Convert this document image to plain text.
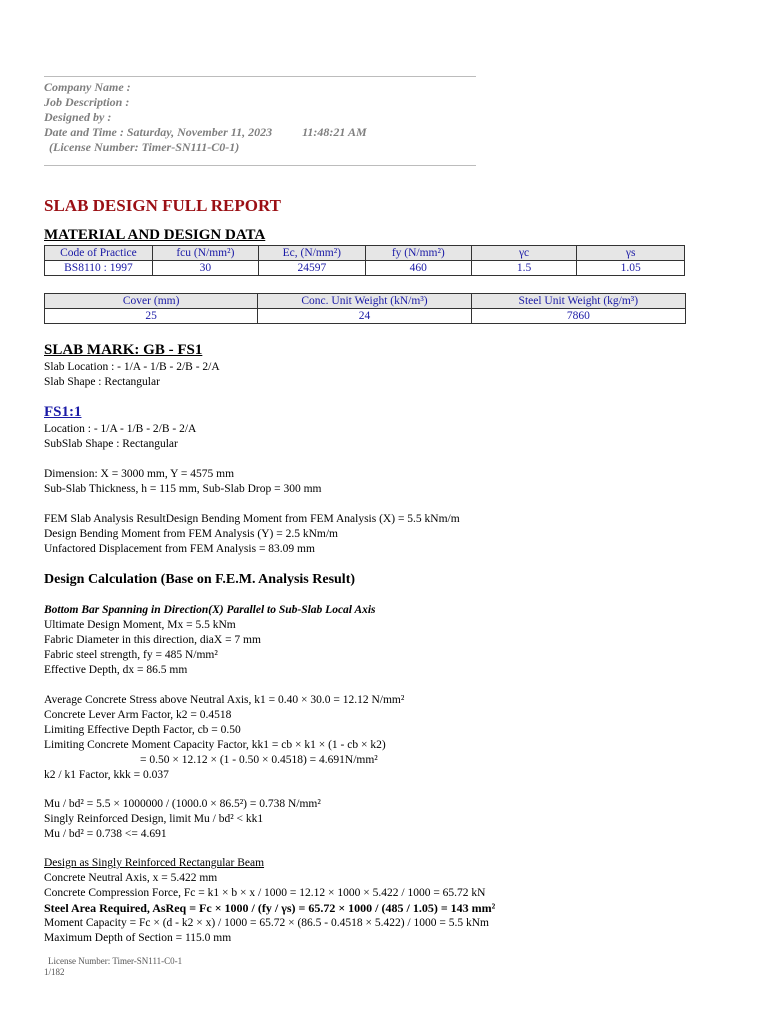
Company Name :
Job Description :
Designed by :
Date and Time : Saturday, November 11, 2023	11:48:21 AM
(License Number: Timer-SN111-C0-1)
SLAB DESIGN FULL REPORT
MATERIAL AND DESIGN DATA
Code of Practice	fcu (N/mm²)	Ec, (N/mm²)	fy (N/mm²)	γc	γs
BS8110 : 1997	30	24597	460	1.5	1.05
Cover (mm)	Conc. Unit Weight (kN/m³)	Steel Unit Weight (kg/m³)
25	24	7860
SLAB MARK: GB - FS1
Slab Location : - 1/A - 1/B - 2/B - 2/A
Slab Shape : Rectangular
FS1:1
Location : - 1/A - 1/B - 2/B - 2/A
SubSlab Shape : Rectangular
Dimension: X = 3000 mm, Y = 4575 mm
Sub-Slab Thickness, h = 115 mm, Sub-Slab Drop = 300 mm
FEM Slab Analysis ResultDesign Bending Moment from FEM Analysis (X) = 5.5 kNm/m
Design Bending Moment from FEM Analysis (Y) = 2.5 kNm/m
Unfactored Displacement from FEM Analysis = 83.09 mm
Design Calculation (Base on F.E.M. Analysis Result)
Bottom Bar Spanning in Direction(X) Parallel to Sub-Slab Local Axis
Ultimate Design Moment, Mx = 5.5 kNm
Fabric Diameter in this direction, diaX = 7 mm
Fabric steel strength, fy = 485 N/mm²
Effective Depth, dx = 86.5 mm
Average Concrete Stress above Neutral Axis, k1 = 0.40 × 30.0 = 12.12 N/mm²
Concrete Lever Arm Factor, k2 = 0.4518
Limiting Effective Depth Factor, cb = 0.50
Limiting Concrete Moment Capacity Factor, kk1 = cb × k1 × (1 - cb × k2)
= 0.50 × 12.12 × (1 - 0.50 × 0.4518) = 4.691N/mm²
k2 / k1 Factor, kkk = 0.037
Mu / bd² = 5.5 × 1000000 / (1000.0 × 86.5²) = 0.738 N/mm²
Singly Reinforced Design, limit Mu / bd² < kk1
Mu / bd² = 0.738 <= 4.691
Design as Singly Reinforced Rectangular Beam
Concrete Neutral Axis, x = 5.422 mm
Concrete Compression Force, Fc = k1 × b × x / 1000 = 12.12 × 1000 × 5.422 / 1000 = 65.72 kN
Steel Area Required, AsReq = Fc × 1000 / (fy / γs) = 65.72 × 1000 / (485 / 1.05) = 143 mm²
Moment Capacity = Fc × (d - k2 × x) / 1000 = 65.72 × (86.5 - 0.4518 × 5.422) / 1000 = 5.5 kNm
Maximum Depth of Section = 115.0 mm
License Number: Timer-SN111-C0-1
1/182
